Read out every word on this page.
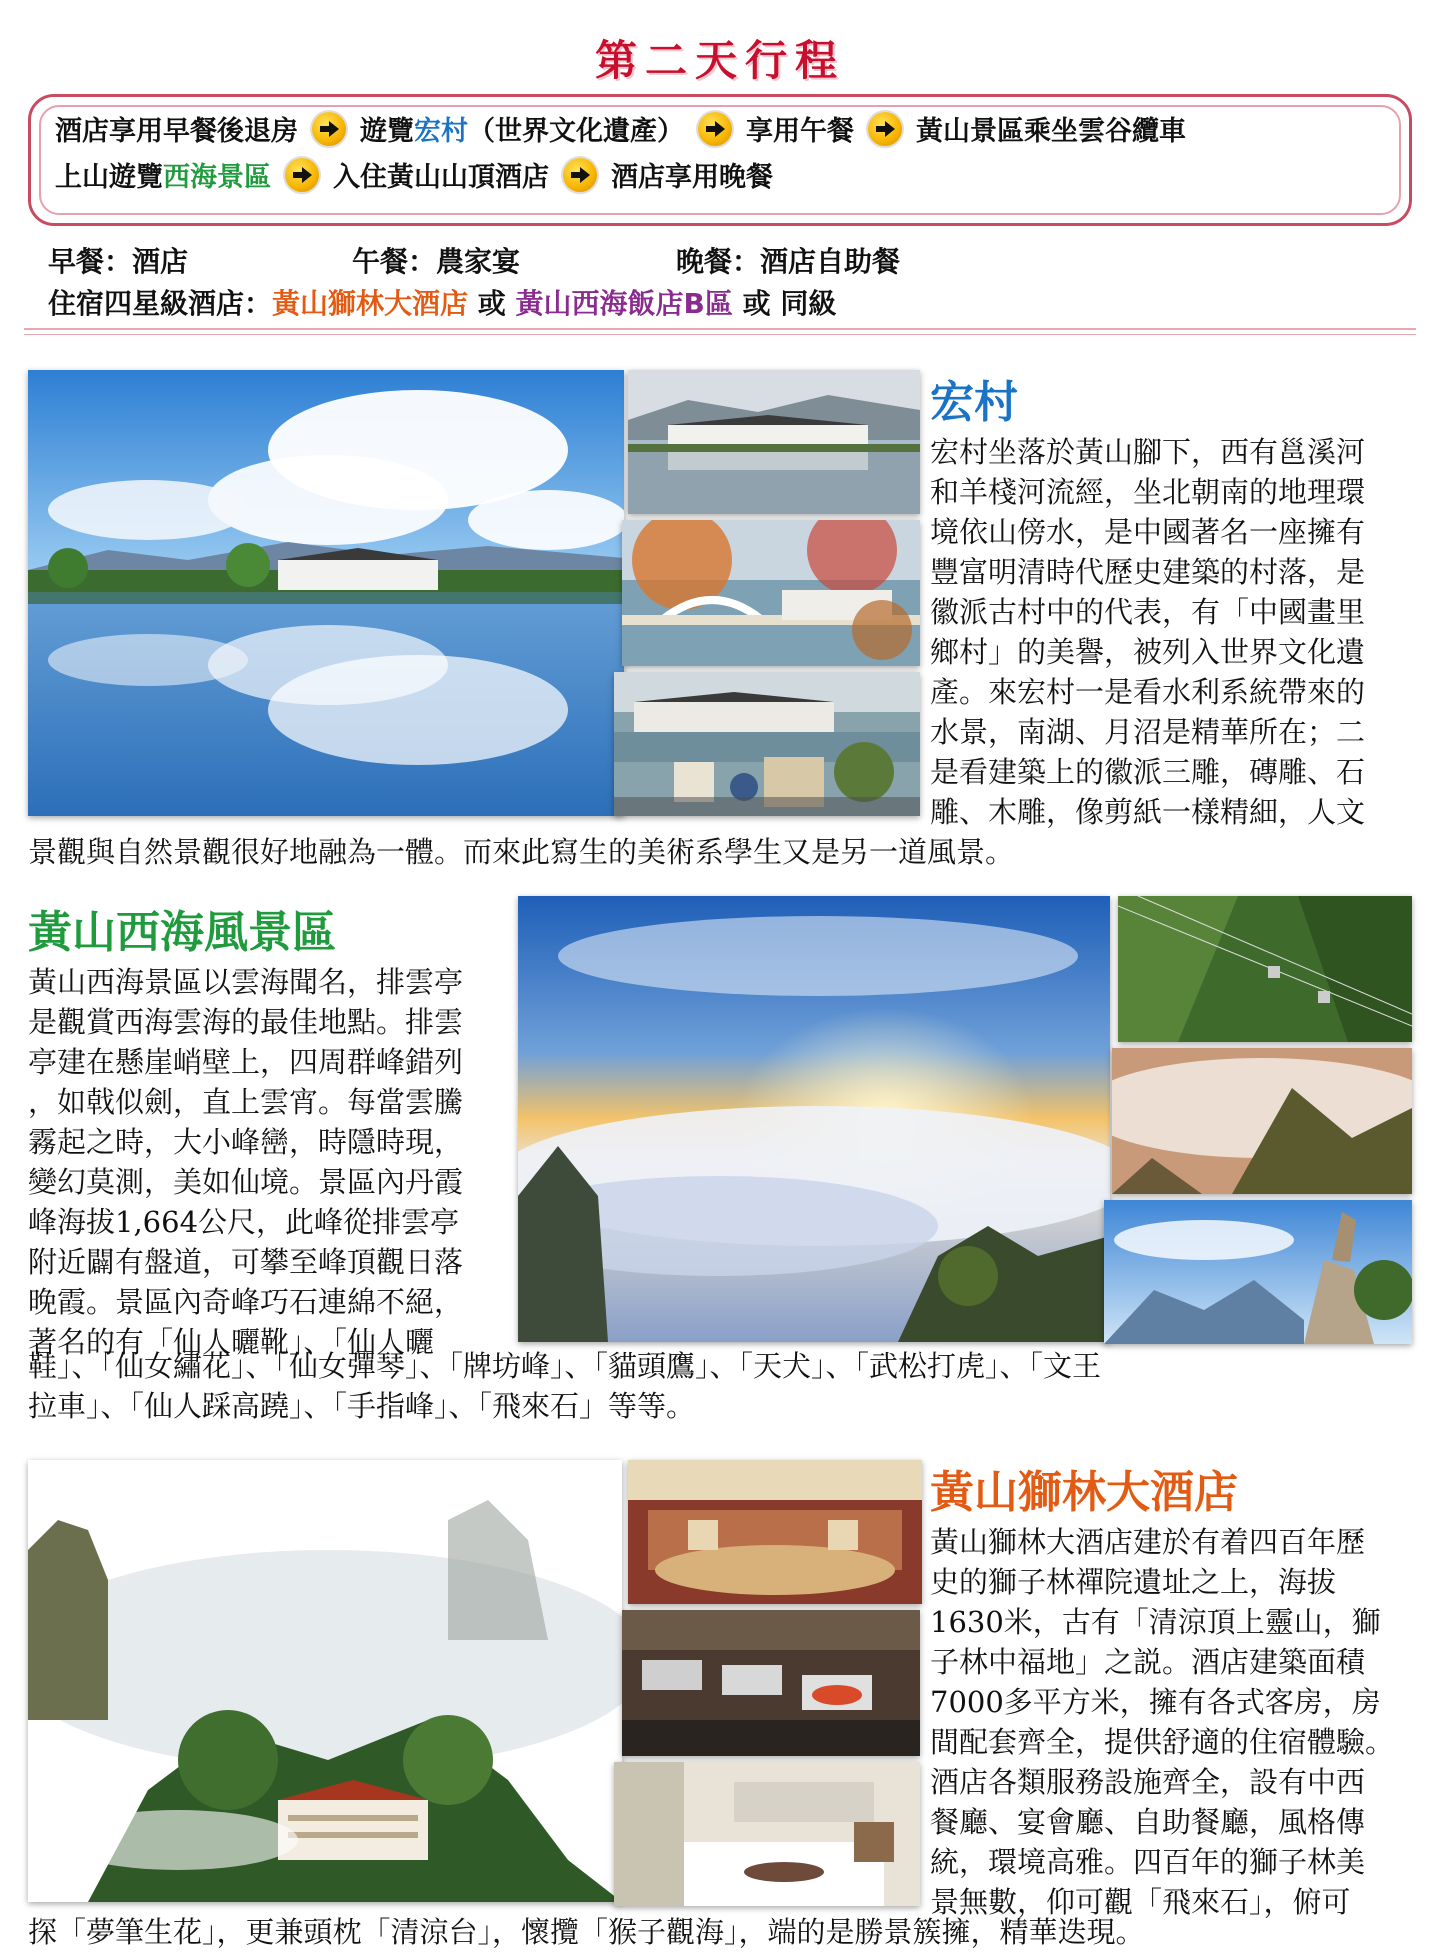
第二天行程
酒店享用早餐後退房 遊覽宏村（世界文化遺產） 享用午餐 黃山景區乘坐雲谷纜車
上山遊覽西海景區 入住黃山山頂酒店 酒店享用晚餐
早餐：酒店	午餐：農家宴	晚餐：酒店自助餐
住宿四星級酒店：黃山獅林大酒店 或 黃山西海飯店B區 或 同級
宏村

宏村坐落於黃山腳下，西有邕溪河
和羊棧河流經，坐北朝南的地理環
境依山傍水，是中國著名一座擁有
豐富明清時代歷史建築的村落，是
徽派古村中的代表，有「中國畫里
鄉村」的美譽，被列入世界文化遺
產。來宏村一是看水利系統帶來的
水景，南湖、月沼是精華所在；二
是看建築上的徽派三雕，磚雕、石
雕、木雕，像剪紙一樣精細，人文

景觀與自然景觀很好地融為一體。而來此寫生的美術系學生又是另一道風景。

黃山西海風景區

黃山西海景區以雲海聞名，排雲亭
是觀賞西海雲海的最佳地點。排雲
亭建在懸崖峭壁上，四周群峰錯列
，如戟似劍，直上雲宵。每當雲騰
霧起之時，大小峰巒，時隱時現，
變幻莫測，美如仙境。景區內丹霞
峰海拔1,664公尺，此峰從排雲亭
附近闢有盤道，可攀至峰頂觀日落
晚霞。景區內奇峰巧石連綿不絕，
著名的有「仙人曬靴」、「仙人曬

鞋」、「仙女繡花」、「仙女彈琴」、「牌坊峰」、「貓頭鷹」、「天犬」、「武松打虎」、「文王
拉車」、「仙人踩高蹺」、「手指峰」、「飛來石」等等。

黃山獅林大酒店

黃山獅林大酒店建於有着四百年歷
史的獅子林禪院遺址之上，海拔
1630米，古有「清涼頂上靈山，獅
子林中福地」之説。酒店建築面積
7000多平方米，擁有各式客房，房
間配套齊全，提供舒適的住宿體驗。
酒店各類服務設施齊全，設有中西
餐廳、宴會廳、自助餐廳，風格傳
統，環境高雅。四百年的獅子林美
景無數，仰可觀「飛來石」，俯可

探「夢筆生花」，更兼頭枕「清涼台」，懷攬「猴子觀海」，端的是勝景簇擁，精華迭現。
